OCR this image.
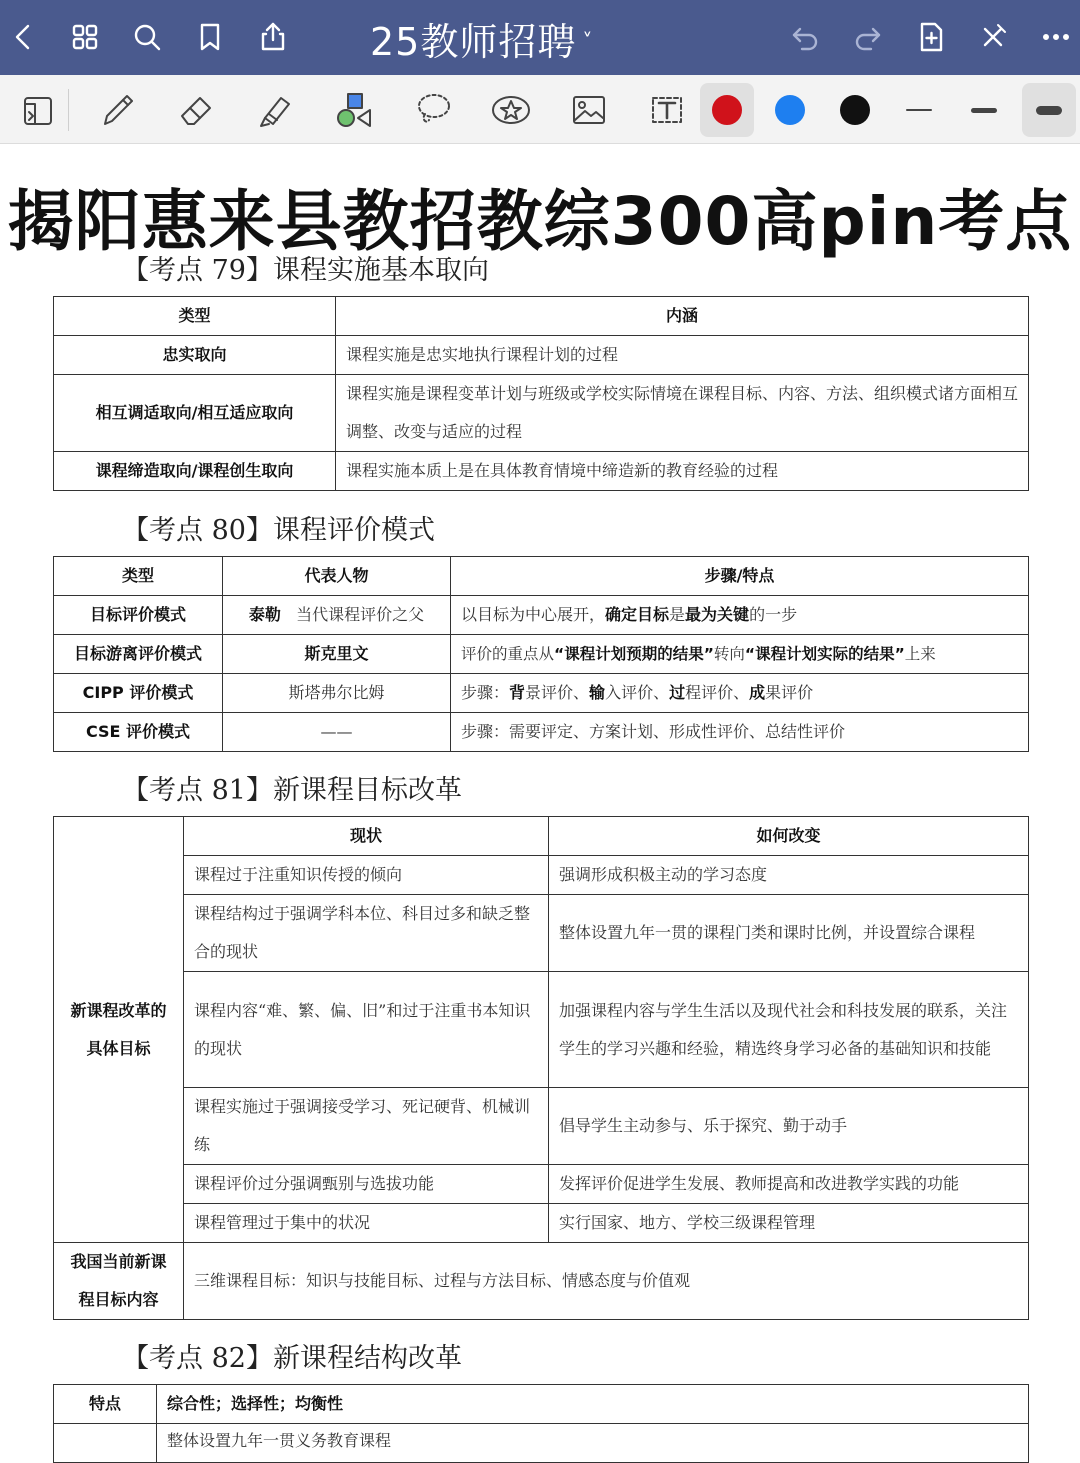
25教师招聘 ˅
揭阳惠来县教招教综300高pin考点
【考点 79】课程实施基本取向
类型	内涵
忠实取向	课程实施是忠实地执行课程计划的过程
相互调适取向/相互适应取向	课程实施是课程变革计划与班级或学校实际情境在课程目标、内容、方法、组织模式诸方面相互调整、改变与适应的过程
课程缔造取向/课程创生取向	课程实施本质上是在具体教育情境中缔造新的教育经验的过程
【考点 80】课程评价模式
类型	代表人物	步骤/特点
目标评价模式	泰勒 当代课程评价之父	以目标为中心展开，确定目标是最为关键的一步
目标游离评价模式	斯克里文	评价的重点从“课程计划预期的结果”转向“课程计划实际的结果”上来
CIPP 评价模式	斯塔弗尔比姆	步骤：背景评价、输入评价、过程评价、成果评价
CSE 评价模式	——	步骤：需要评定、方案计划、形成性评价、总结性评价
【考点 81】新课程目标改革
新课程改革的具体目标	现状	如何改变
	课程过于注重知识传授的倾向	强调形成积极主动的学习态度
	课程结构过于强调学科本位、科目过多和缺乏整合的现状	整体设置九年一贯的课程门类和课时比例，并设置综合课程
	课程内容“难、繁、偏、旧”和过于注重书本知识的现状	加强课程内容与学生生活以及现代社会和科技发展的联系，关注学生的学习兴趣和经验，精选终身学习必备的基础知识和技能
	课程实施过于强调接受学习、死记硬背、机械训练	倡导学生主动参与、乐于探究、勤于动手
	课程评价过分强调甄别与选拔功能	发挥评价促进学生发展、教师提高和改进教学实践的功能
	课程管理过于集中的状况	实行国家、地方、学校三级课程管理
我国当前新课程目标内容	三维课程目标：知识与技能目标、过程与方法目标、情感态度与价值观	
【考点 82】新课程结构改革
特点	综合性；选择性；均衡性
	整体设置九年一贯义务教育课程
